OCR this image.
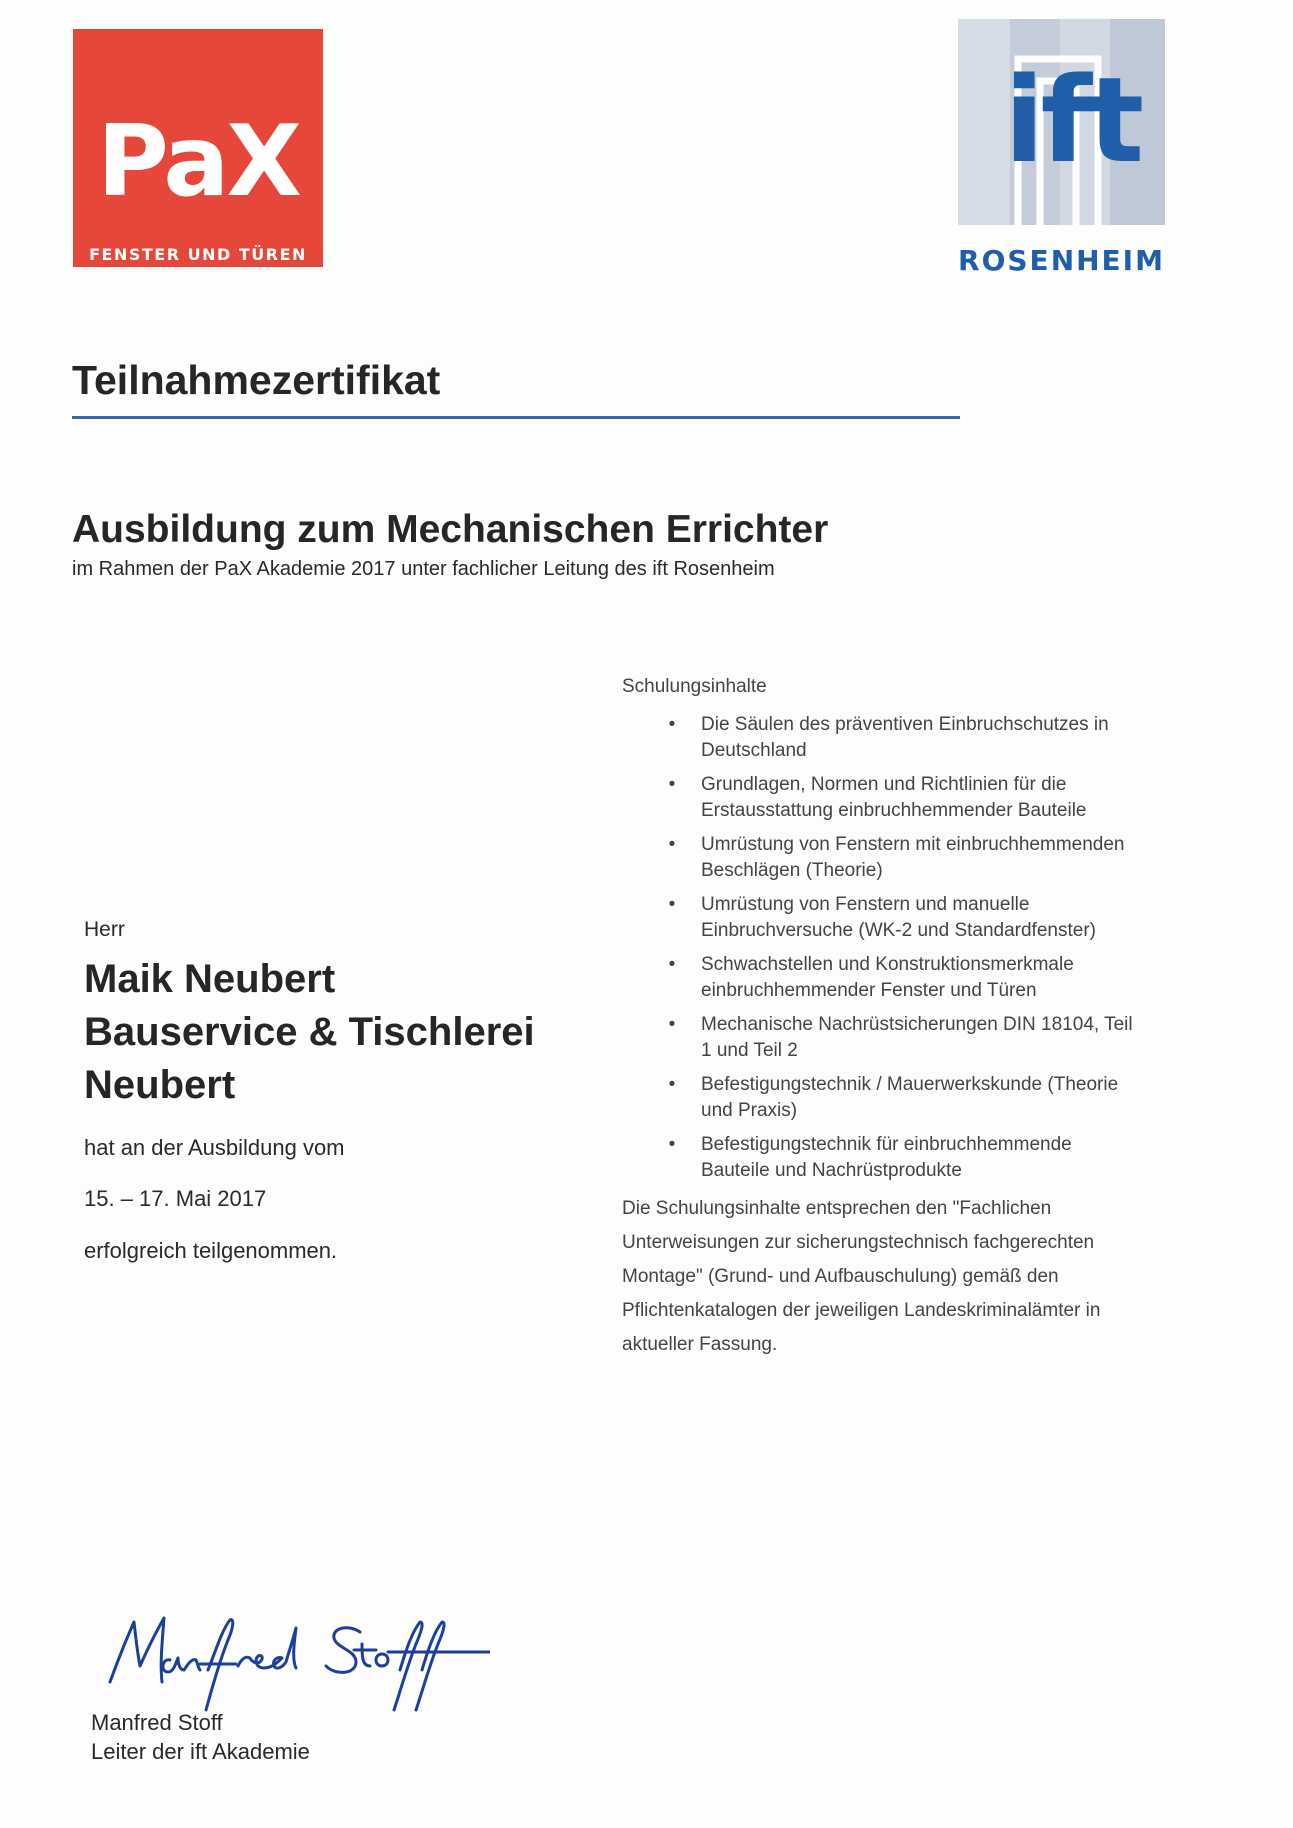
PaX
FENSTER UND TÜREN
ift
ROSENHEIM
Teilnahmezertifikat
Ausbildung zum Mechanischen Errichter
im Rahmen der PaX Akademie 2017 unter fachlicher Leitung des ift Rosenheim
Herr
Maik Neubert
Bauservice & Tischlerei Neubert
hat an der Ausbildung vom
15. – 17. Mai 2017
erfolgreich teilgenommen.
Schulungsinhalte
•	Die Säulen des präventiven Einbruchschutzes in Deutschland
•	Grundlagen, Normen und Richtlinien für die Erstausstattung einbruchhemmender Bauteile
•	Umrüstung von Fenstern mit einbruchhemmenden Beschlägen (Theorie)
•	Umrüstung von Fenstern und manuelle Einbruchversuche (WK-2 und Standardfenster)
•	Schwachstellen und Konstruktionsmerkmale einbruchhemmender Fenster und Türen
•	Mechanische Nachrüstsicherungen DIN 18104, Teil 1 und Teil 2
•	Befestigungstechnik / Mauerwerkskunde (Theorie und Praxis)
•	Befestigungstechnik für einbruchhemmende Bauteile und Nachrüstprodukte
Die Schulungsinhalte entsprechen den "Fachlichen Unterweisungen zur sicherungstechnisch fachgerechten Montage" (Grund- und Aufbauschulung) gemäß den Pflichtenkatalogen der jeweiligen Landeskriminalämter in aktueller Fassung.
Manfred Stoff
Leiter der ift Akademie
